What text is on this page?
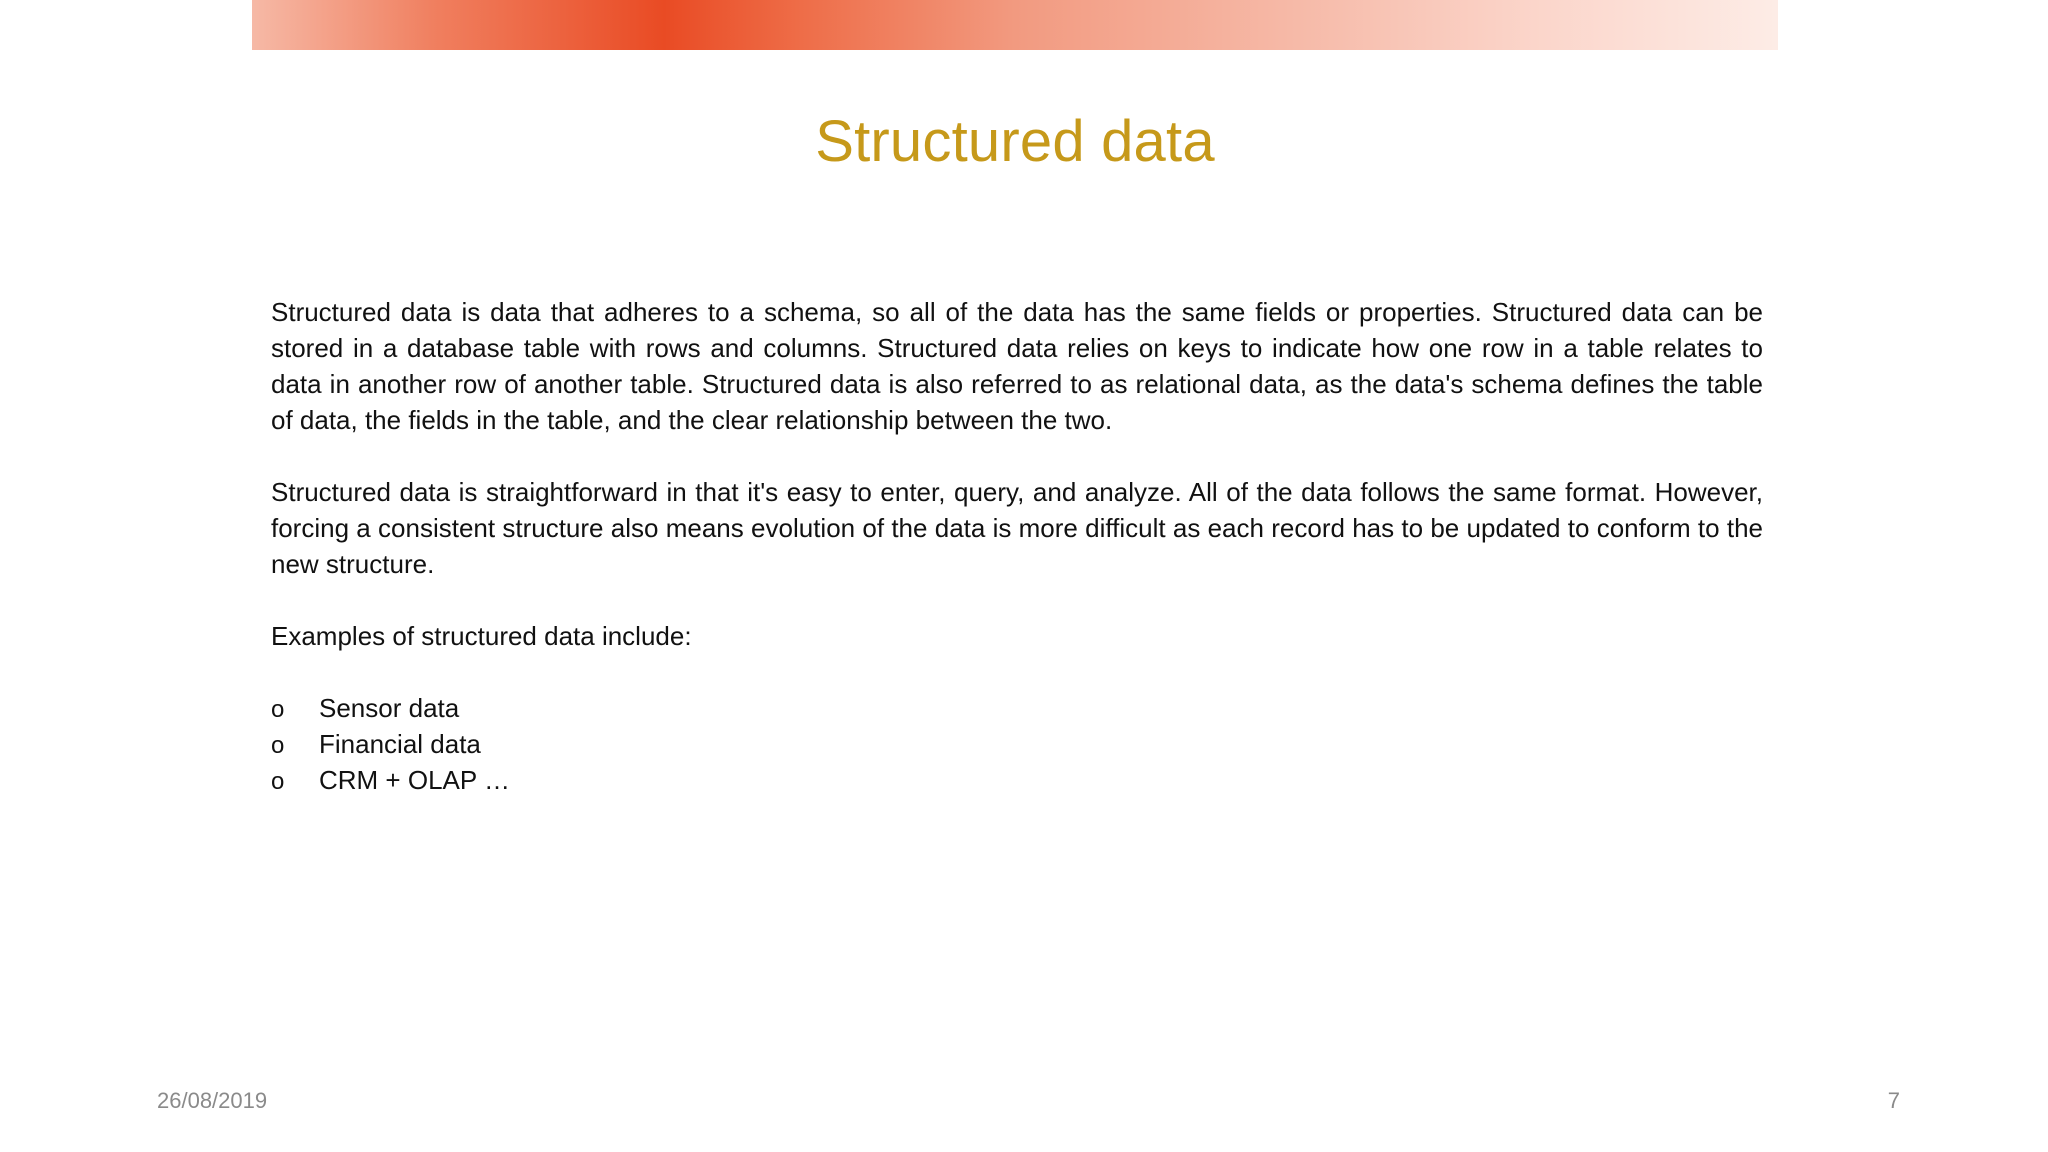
Structured data

Structured data is data that adheres to a schema, so all of the data has the same fields or properties. Structured data can be stored in a database table with rows and columns. Structured data relies on keys to indicate how one row in a table relates to data in another row of another table. Structured data is also referred to as relational data, as the data's schema defines the table of data, the fields in the table, and the clear relationship between the two.

Structured data is straightforward in that it's easy to enter, query, and analyze. All of the data follows the same format. However, forcing a consistent structure also means evolution of the data is more difficult as each record has to be updated to conform to the new structure.

Examples of structured data include:

o	Sensor data
o	Financial data
o	CRM + OLAP …
26/08/2019	7
